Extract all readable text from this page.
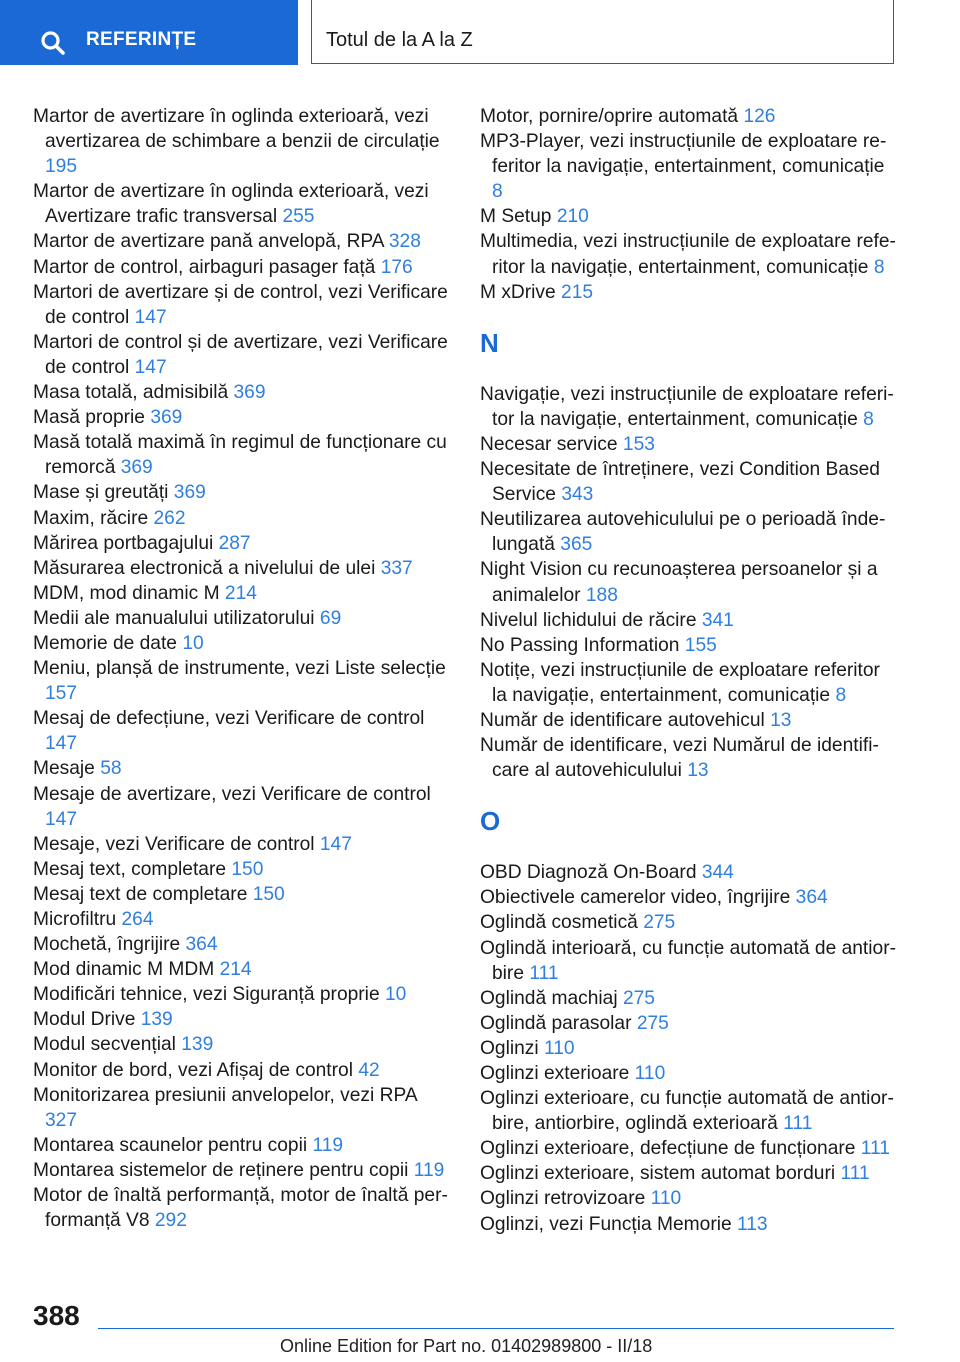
REFERINȚE	Totul de la A la Z
Martor de avertizare în oglinda exterioară, vezi avertizarea de schimbare a benzii de circulație 195
Martor de avertizare în oglinda exterioară, vezi Avertizare trafic transversal 255
Martor de avertizare pană anvelopă, RPA 328
Martor de control, airbaguri pasager față 176
Martori de avertizare și de control, vezi Verificare de control 147
Martori de control și de avertizare, vezi Verificare de control 147
Masa totală, admisibilă 369
Masă proprie 369
Masă totală maximă în regimul de funcționare cu remorcă 369
Mase și greutăți 369
Maxim, răcire 262
Mărirea portbagajului 287
Măsurarea electronică a nivelului de ulei 337
MDM, mod dinamic M 214
Medii ale manualului utilizatorului 69
Memorie de date 10
Meniu, planșă de instrumente, vezi Liste selecție 157
Mesaj de defecțiune, vezi Verificare de control 147
Mesaje 58
Mesaje de avertizare, vezi Verificare de control 147
Mesaje, vezi Verificare de control 147
Mesaj text, completare 150
Mesaj text de completare 150
Microfiltru 264
Mochetă, îngrijire 364
Mod dinamic M MDM 214
Modificări tehnice, vezi Siguranță proprie 10
Modul Drive 139
Modul secvențial 139
Monitor de bord, vezi Afișaj de control 42
Monitorizarea presiunii anvelopelor, vezi RPA 327
Montarea scaunelor pentru copii 119
Montarea sistemelor de reținere pentru copii 119
Motor de înaltă performanță, motor de înaltă performanță V8 292
Motor, pornire/oprire automată 126
MP3-Player, vezi instrucțiunile de exploatare referitor la navigație, entertainment, comunicație 8
M Setup 210
Multimedia, vezi instrucțiunile de exploatare referitor la navigație, entertainment, comunicație 8
M xDrive 215
N
Navigație, vezi instrucțiunile de exploatare referitor la navigație, entertainment, comunicație 8
Necesar service 153
Necesitate de întreținere, vezi Condition Based Service 343
Neutilizarea autovehiculului pe o perioadă îndelungată 365
Night Vision cu recunoașterea persoanelor și a animalelor 188
Nivelul lichidului de răcire 341
No Passing Information 155
Notițe, vezi instrucțiunile de exploatare referitor la navigație, entertainment, comunicație 8
Număr de identificare autovehicul 13
Număr de identificare, vezi Numărul de identificare al autovehiculului 13
O
OBD Diagnoză On-Board 344
Obiectivele camerelor video, îngrijire 364
Oglindă cosmetică 275
Oglindă interioară, cu funcție automată de antiorbire 111
Oglindă machiaj 275
Oglindă parasolar 275
Oglinzi 110
Oglinzi exterioare 110
Oglinzi exterioare, cu funcție automată de antiorbire, antiorbire, oglindă exterioară 111
Oglinzi exterioare, defecțiune de funcționare 111
Oglinzi exterioare, sistem automat borduri 111
Oglinzi retrovizoare 110
Oglinzi, vezi Funcția Memorie 113
388
Online Edition for Part no. 01402989800 - II/18
